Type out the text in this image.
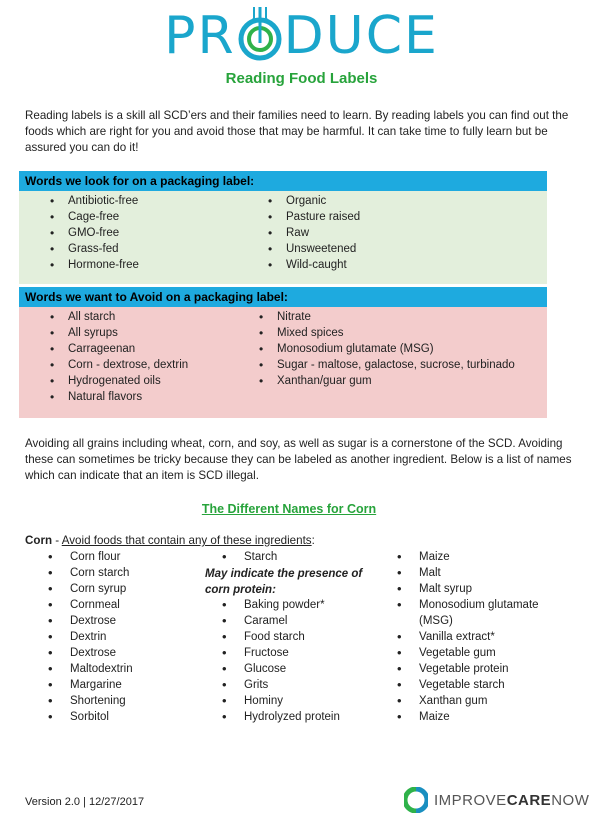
PR DUCE
Reading Food Labels

Reading labels is a skill all SCD’ers and their families need to learn. By reading labels you can find out the foods which are right for you and avoid those that may be harmful. It can take time to fully learn but be assured you can do it!

Words we look for on a packaging label:
• Antibiotic-free
• Cage-free
• GMO-free
• Grass-fed
• Hormone-free
• Organic
• Pasture raised
• Raw
• Unsweetened
• Wild-caught
Words we want to Avoid on a packaging label:
• All starch
• All syrups
• Carrageenan
• Corn - dextrose, dextrin
• Hydrogenated oils
• Natural flavors
• Nitrate
• Mixed spices
• Monosodium glutamate (MSG)
• Sugar - maltose, galactose, sucrose, turbinado
• Xanthan/guar gum

Avoiding all grains including wheat, corn, and soy, as well as sugar is a cornerstone of the SCD. Avoiding these can sometimes be tricky because they can be labeled as another ingredient. Below is a list of names which can indicate that an item is SCD illegal.

The Different Names for Corn
Corn - Avoid foods that contain any of these ingredients:
• Corn flour
• Corn starch
• Corn syrup
• Cornmeal
• Dextrose
• Dextrin
• Dextrose
• Maltodextrin
• Margarine
• Shortening
• Sorbitol
• Starch
May indicate the presence of corn protein:
• Baking powder*
• Caramel
• Food starch
• Fructose
• Glucose
• Grits
• Hominy
• Hydrolyzed protein
• Maize
• Malt
• Malt syrup
• Monosodium glutamate
(MSG)
• Vanilla extract*
• Vegetable gum
• Vegetable protein
• Vegetable starch
• Xanthan gum
• Maize
Version 2.0 | 12/27/2017	IMPROVECARENOW
